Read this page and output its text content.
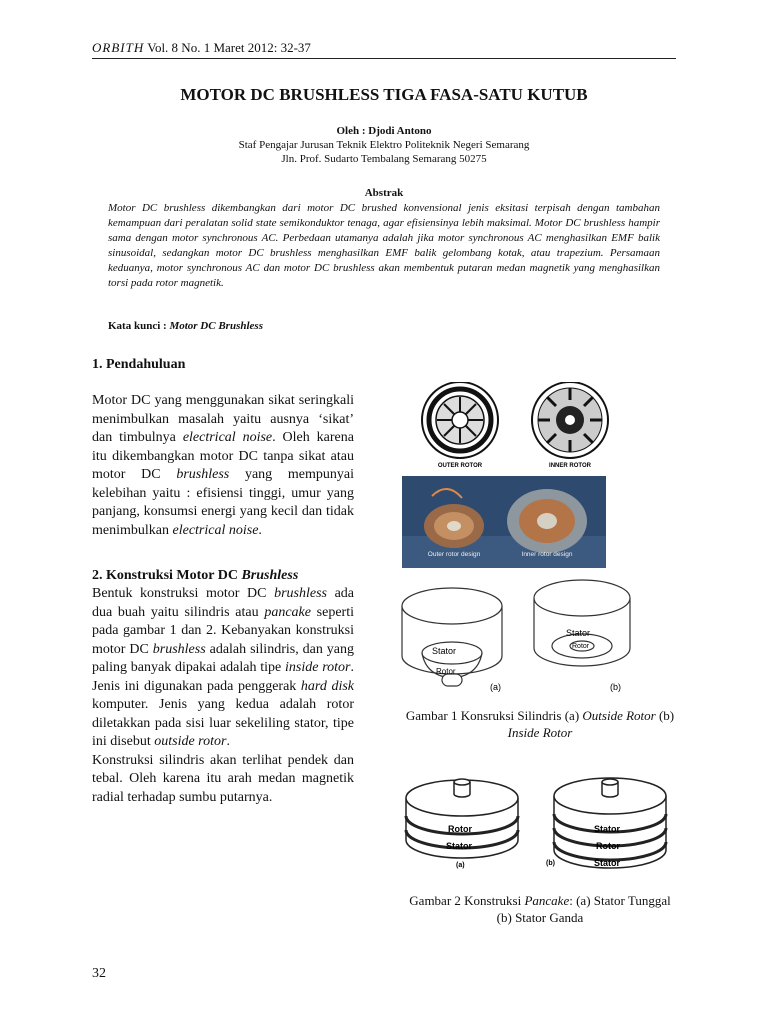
ORBITH Vol. 8 No. 1 Maret 2012: 32-37
MOTOR DC BRUSHLESS TIGA FASA-SATU KUTUB
Oleh : Djodi Antono
Staf Pengajar Jurusan Teknik Elektro Politeknik Negeri Semarang
Jln. Prof. Sudarto Tembalang Semarang 50275
Abstrak
Motor DC brushless dikembangkan dari motor DC brushed konvensional jenis eksitasi terpisah dengan tambahan kemampuan dari peralatan solid state semikonduktor tenaga, agar efisiensinya lebih maksimal. Motor DC brushless hampir sama dengan motor synchronous AC. Perbedaan utamanya adalah jika motor synchronous AC menghasilkan EMF balik sinusoidal, sedangkan motor DC brushless menghasilkan EMF balik gelombang kotak, atau trapezium. Persamaan keduanya, motor synchronous AC dan motor DC brushless akan membentuk putaran medan magnetik yang menghasilkan torsi pada rotor magnetik.
Kata kunci : Motor DC Brushless
1. Pendahuluan

Motor DC yang menggunakan sikat seringkali menimbulkan masalah yaitu ausnya ‘sikat’ dan timbulnya electrical noise. Oleh karena itu dikembangkan motor DC tanpa sikat atau motor DC brushless yang mempunyai kelebihan yaitu : efisiensi tinggi, umur yang panjang, konsumsi energi yang kecil dan tidak menimbulkan electrical noise.

2. Konstruksi Motor DC Brushless

Bentuk konstruksi motor DC brushless ada dua buah yaitu silindris atau pancake seperti pada gambar 1 dan 2. Kebanyakan konstruksi motor DC brushless adalah silindris, dan yang paling banyak dipakai adalah tipe inside rotor. Jenis ini digunakan pada penggerak hard disk komputer. Jenis yang kedua adalah rotor diletakkan pada sisi luar sekeliling stator, tipe ini disebut outside rotor.

Konstruksi silindris akan terlihat pendek dan tebal. Oleh karena itu arah medan magnetik radial terhadap sumbu putarnya.

OUTER ROTOR	INNER ROTOR
Outer rotor design	Inner rotor design
Stator
Rotor
(a)
Stator
Rotor
(b)
Gambar 1 Konsruksi Silindris (a) Outside Rotor (b) Inside Rotor
Rotor
Stator
(a)
Stator
Rotor
Stator
(b)
Gambar 2 Konstruksi Pancake: (a) Stator Tunggal (b) Stator Ganda
32
